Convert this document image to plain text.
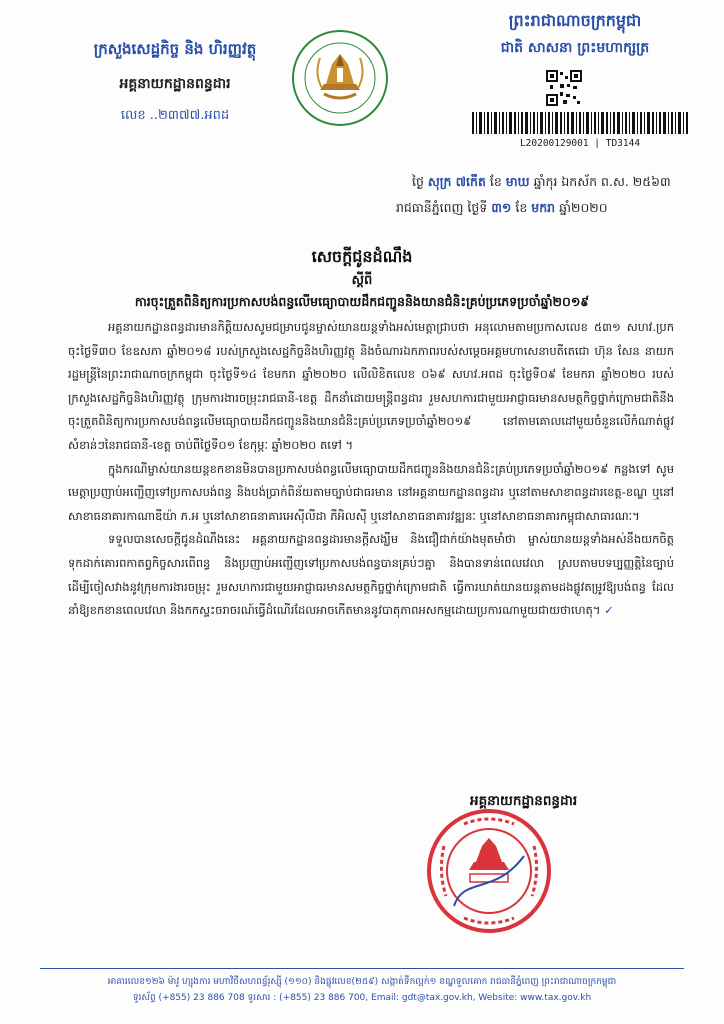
ក្រសួងសេដ្ឋកិច្ច និង ហិរញ្ញវត្ថុ
អគ្គនាយកដ្ឋានពន្ធដារ
លេខ ..២៣៧៧.អពដ
ព្រះរាជាណាចក្រកម្ពុជា
ជាតិ សាសនា ព្រះមហាក្សត្រ
L20200129001 | TD3144
ថ្ងៃ សុក្រ ៧កើត ខែ មាឃ ឆ្នាំកុរ ឯកស័ក ព.ស. ២៥៦៣
រាជធានីភ្នំពេញ ថ្ងៃទី ៣១ ខែ មករា ឆ្នាំ២០២០
សេចក្តីជូនដំណឹង
ស្តីពី
ការចុះត្រួតពិនិត្យការប្រកាសបង់ពន្ធលើមធ្យោបាយដឹកជញ្ជូននិងយានជំនិះគ្រប់ប្រភេទប្រចាំឆ្នាំ២០១៩

អគ្គនាយកដ្ឋានពន្ធដារមានកិត្តិយសសូមជម្រាបជូនម្ចាស់យានយន្តទាំងអស់មេត្តាជ្រាបថា អនុលោមតាមប្រកាសលេខ ៥៣១ សហវ.ប្រក ចុះថ្ងៃទី៣០ ខែឧសភា ឆ្នាំ២០១៨ របស់ក្រសួងសេដ្ឋកិច្ចនិងហិរញ្ញវត្ថុ និងចំណារឯកភាពរបស់សម្តេចអគ្គមហាសេនាបតីតេជោ ហ៊ុន សែន នាយករដ្ឋមន្ត្រីនៃព្រះរាជាណាចក្រកម្ពុជា ចុះថ្ងៃទី១៤ ខែមករា ឆ្នាំ២០២០ លើលិខិតលេខ ០៦៩ សហវ.អពដ ចុះថ្ងៃទី០៩ ខែមករា ឆ្នាំ២០២០ របស់ក្រសួងសេដ្ឋកិច្ចនិងហិរញ្ញវត្ថុ ក្រុមការងារចម្រុះរាជធានី-ខេត្ត ដឹកនាំដោយមន្ត្រីពន្ធដារ រួមសហការជាមួយអាជ្ញាធរមានសមត្ថកិច្ចថ្នាក់ក្រោមជាតិនឹងចុះត្រួតពិនិត្យការប្រកាសបង់ពន្ធលើមធ្យោបាយដឹកជញ្ជូននិងយានជំនិះគ្រប់ប្រភេទប្រចាំឆ្នាំ២០១៩ នៅតាមគោលដៅមួយចំនួនលើកំណាត់ផ្លូវសំខាន់ៗនៃរាជធានី-ខេត្ត ចាប់ពីថ្ងៃទី០១ ខែកុម្ភៈ ឆ្នាំ២០២០ តទៅ ។

ក្នុងករណីម្ចាស់យានយន្តខកខានមិនបានប្រកាសបង់ពន្ធលើមធ្យោបាយដឹកជញ្ជូននិងយានជំនិះគ្រប់ប្រភេទប្រចាំឆ្នាំ២០១៩ កន្លងទៅ សូមមេត្តាប្រញាប់អញ្ជើញទៅប្រកាសបង់ពន្ធ និងបង់ប្រាក់ពិន័យតាមច្បាប់ជាធរមាន នៅអគ្គនាយកដ្ឋានពន្ធដារ ឬនៅតាមសាខាពន្ធដារខេត្ត-ខណ្ឌ ឬនៅសាខាធនាគារកាណាឌីយ៉ា ភ.អ ឬនៅសាខាធនាគារអេស៊ីលីដា ភីអិលស៊ី ឬនៅសាខាធនាគារវឌ្ឍនៈ ឬនៅសាខាធនាគារកម្ពុជាសាធារណៈ។

ទទួលបានសេចក្តីជូនដំណឹងនេះ អគ្គនាយកដ្ឋានពន្ធដារមានក្តីសង្ឃឹម និងជឿជាក់យ៉ាងមុតមាំថា ម្ចាស់យានយន្តទាំងអស់នឹងយកចិត្តទុកដាក់គោរពកាតព្វកិច្ចសារពើពន្ធ និងប្រញាប់អញ្ជើញទៅប្រកាសបង់ពន្ធបានគ្រប់ៗគ្នា និងបានទាន់ពេលវេលា ស្របតាមបទប្បញ្ញត្តិនៃច្បាប់ ដើម្បីចៀសវាងនូវក្រុមការងារចម្រុះ រួមសហការជាមួយអាជ្ញាធរមានសមត្ថកិច្ចថ្នាក់ក្រោមជាតិ ធ្វើការឃាត់យានយន្តតាមដងផ្លូវតម្រូវឱ្យបង់ពន្ធ ដែលនាំឱ្យខកខានពេលវេលា និងកកស្ទះចរាចរណ៍ធ្វើដំណើរដែលអាចកើតមាននូវបាតុភាពអសកម្មដោយប្រការណាមួយជាយថាហេតុ។ ✓

អគ្គនាយកដ្ឋានពន្ធដារ
អាគារលេខ១២៦ ម៉ាវូ ហ្សុងការ មហាវិថីសហពន្ធ័រុស្ស៊ី (១១០) និងផ្លូវលេខ(២៥៩) សង្កាត់ទឹកល្អក់១ ខណ្ឌទួលគោក រាជធានីភ្នំពេញ ព្រះរាជាណាចក្រកម្ពុជា
ទូរស័ព្ទ (+855) 23 886 708 ទូរសារ : (+855) 23 886 700, Email: gdt@tax.gov.kh, Website: www.tax.gov.kh
